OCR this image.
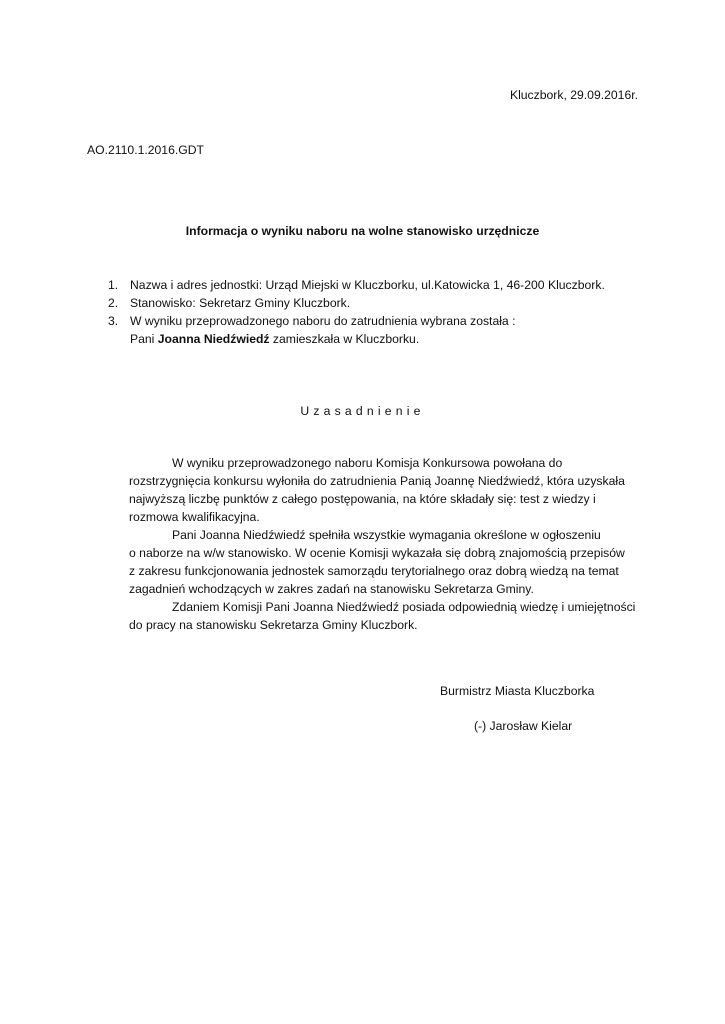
Kluczbork, 29.09.2016r.
AO.2110.1.2016.GDT
Informacja o wyniku naboru na wolne stanowisko urzędnicze
1. Nazwa i adres jednostki: Urząd Miejski w Kluczborku, ul.Katowicka 1, 46-200 Kluczbork.
2. Stanowisko: Sekretarz Gminy Kluczbork.
3. W wyniku przeprowadzonego naboru do zatrudnienia wybrana została :
Pani Joanna Niedźwiedź zamieszkała w Kluczborku.
Uzasadnienie

W wyniku przeprowadzonego naboru Komisja Konkursowa powołana do

rozstrzygnięcia konkursu wyłoniła do zatrudnienia Panią Joannę Niedźwiedź, która uzyskała

najwyższą liczbę punktów z całego postępowania, na które składały się: test z wiedzy i

rozmowa kwalifikacyjna.

Pani Joanna Niedźwiedź spełniła wszystkie wymagania określone w ogłoszeniu

o naborze na w/w stanowisko. W ocenie Komisji wykazała się dobrą znajomością przepisów

z zakresu funkcjonowania jednostek samorządu terytorialnego oraz dobrą wiedzą na temat

zagadnień wchodzących w zakres zadań na stanowisku Sekretarza Gminy.

Zdaniem Komisji Pani Joanna Niedźwiedź posiada odpowiednią wiedzę i umiejętności

do pracy na stanowisku Sekretarza Gminy Kluczbork.

Burmistrz Miasta Kluczborka
(-) Jarosław Kielar
